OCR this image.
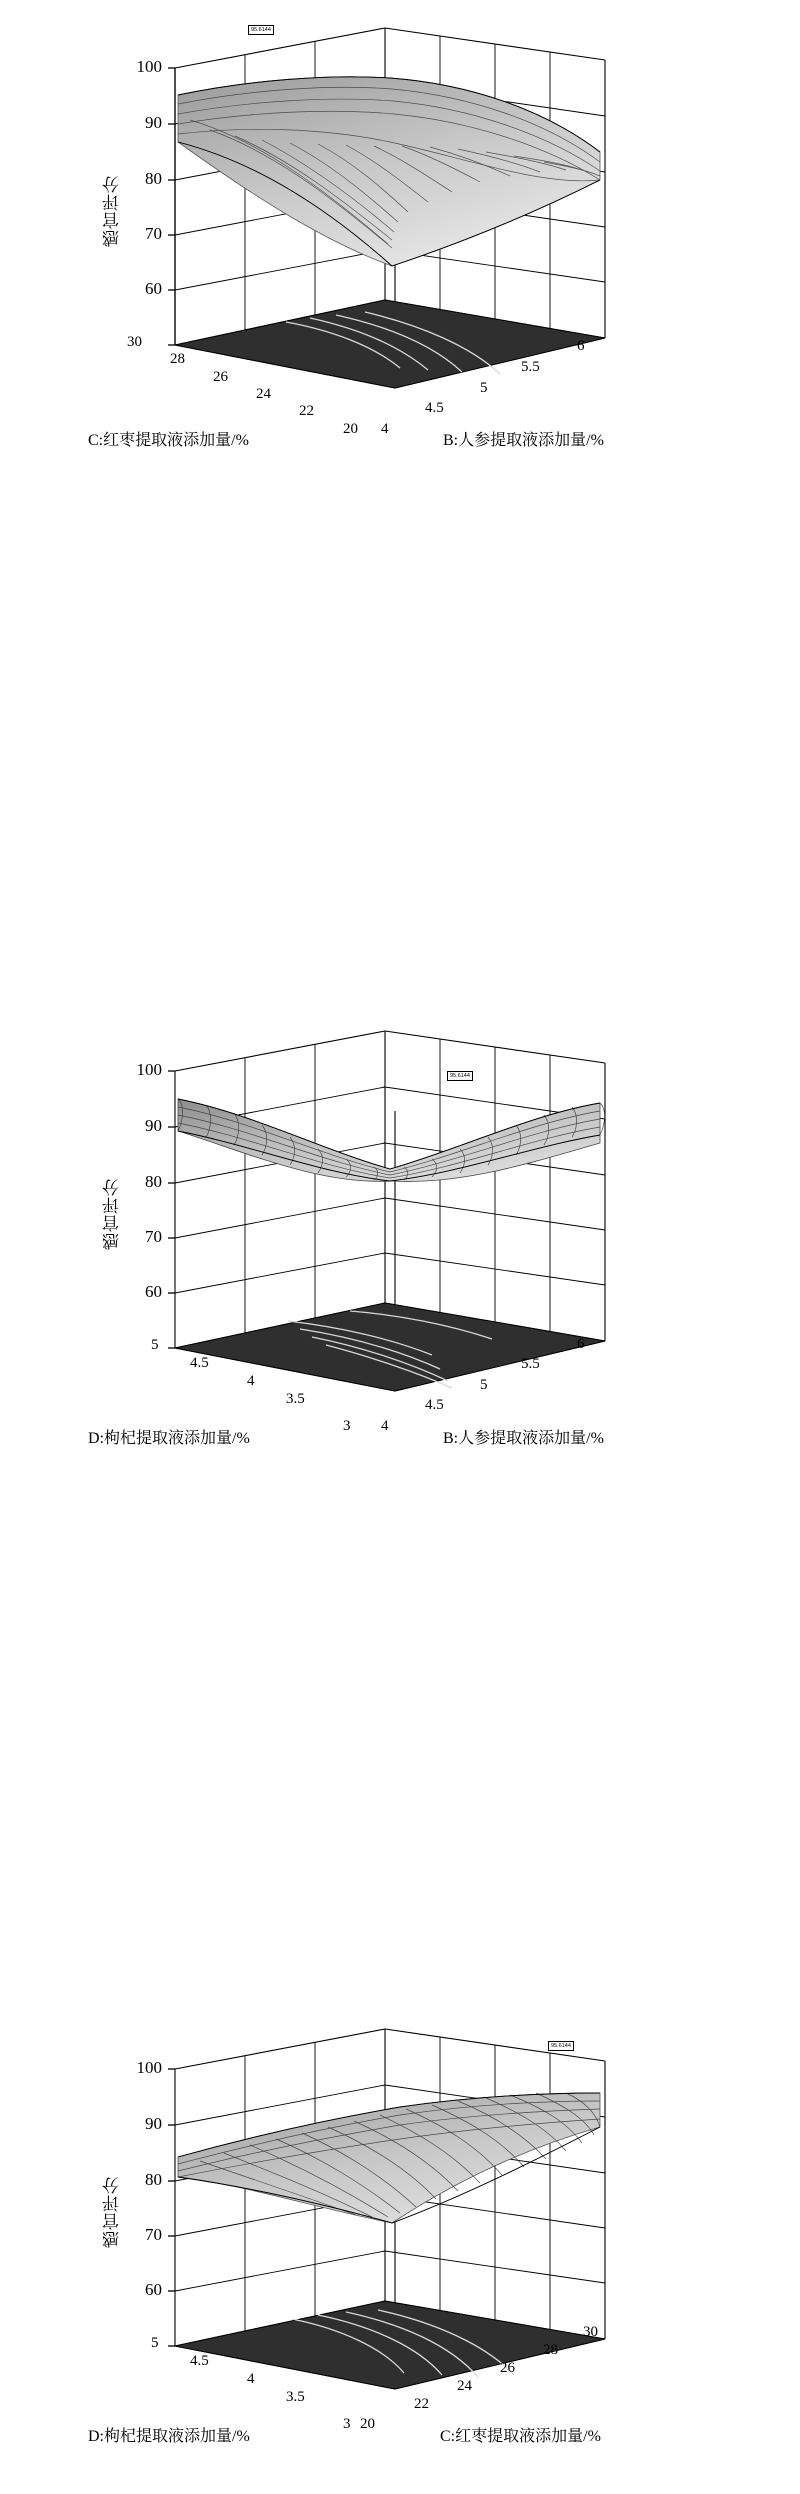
感官评分
100
90
80
70
60
30
28
26
24
22
20 4
4.5
5
5.5
6
C:红枣提取液添加量/%	B:人参提取液添加量/%
95.6144
感官评分
100
90
80
70
60
5
4.5
4
3.5
3 4
4.5
5
5.5
6
D:枸杞提取液添加量/%	B:人参提取液添加量/%
95.6144
感官评分
100
90
80
70
60
5
4.5
4
3.5
3 20
22
24
26
28
30
D:枸杞提取液添加量/%	C:红枣提取液添加量/%
95.6144
